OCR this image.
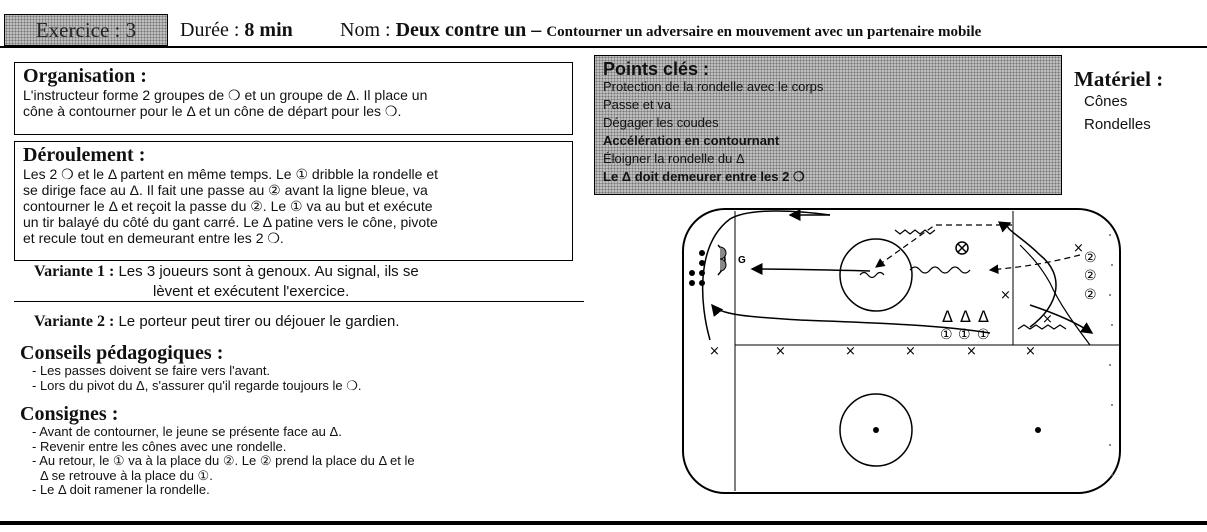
Exercice : 3 Durée : 8 min Nom : Deux contre un – Contourner un adversaire en mouvement avec un partenaire mobile
Organisation :
L'instructeur forme 2 groupes de ❍ et un groupe de Δ. Il place un
cône à contourner pour le Δ et un cône de départ pour les ❍.
Déroulement :
Les 2 ❍ et le Δ partent en même temps. Le ① dribble la rondelle et
se dirige face au Δ. Il fait une passe au ② avant la ligne bleue, va
contourner le Δ et reçoit la passe du ②. Le ① va au but et exécute
un tir balayé du côté du gant carré. Le Δ patine vers le cône, pivote
et recule tout en demeurant entre les 2 ❍.
Variante 1 : Les 3 joueurs sont à genoux. Au signal, ils se
lèvent et exécutent l'exercice.
Variante 2 : Le porteur peut tirer ou déjouer le gardien.
Conseils pédagogiques :
- Les passes doivent se faire vers l'avant.
- Lors du pivot du Δ, s'assurer qu'il regarde toujours le ❍.
Consignes :
- Avant de contourner, le jeune se présente face au Δ.
- Revenir entre les cônes avec une rondelle.
- Au retour, le ① va à la place du ②. Le ② prend la place du Δ et le
Δ se retrouve à la place du ①.
- Le Δ doit ramener la rondelle.
Points clés :
Protection de la rondelle avec le corps
Passe et va
Dégager les coudes
Accélération en contournant
Éloigner la rondelle du Δ
Le Δ doit demeurer entre les 2 ❍
Matériel :
Cônes
Rondelles
G
×	×	×	×	×	×
×
×
×
Δ Δ Δ
① ① ①
②
②
②
